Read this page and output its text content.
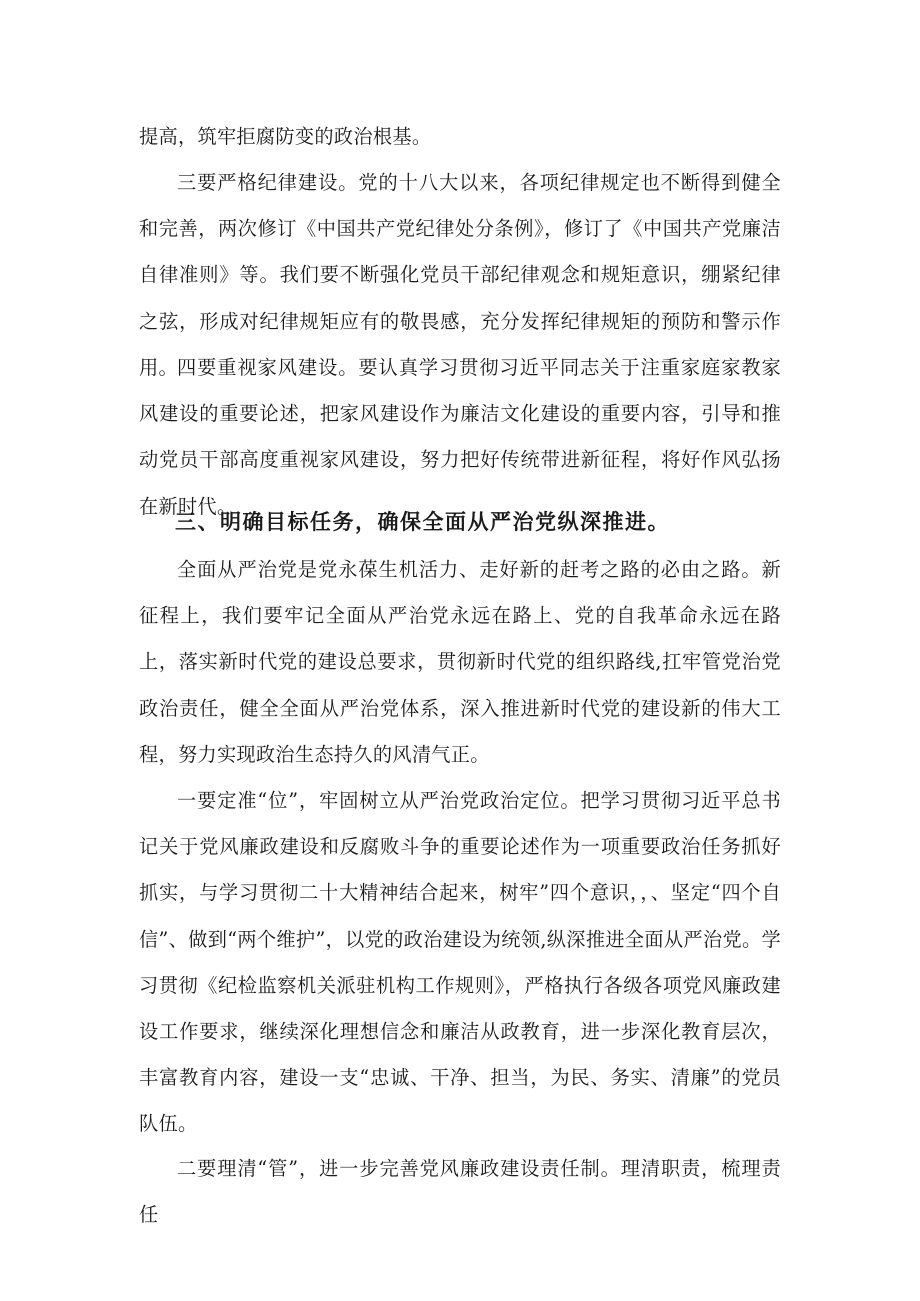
提高，筑牢拒腐防变的政治根基。

三要严格纪律建设。党的十八大以来，各项纪律规定也不断得到健全和完善，两次修订《中国共产党纪律处分条例》，修订了《中国共产党廉洁自律准则》等。我们要不断强化党员干部纪律观念和规矩意识，绷紧纪律之弦，形成对纪律规矩应有的敬畏感，充分发挥纪律规矩的预防和警示作用。 四要重视家风建设。要认真学习贯彻习近平同志关于注重家庭家教家风建设的重要论述，把家风建设作为廉洁文化建设的重要内容，引导和推动党员干部高度重视家风建设，努力把好传统带进新征程，将好作风弘扬在新时代。

三、明确目标任务，确保全面从严治党纵深推进。

全面从严治党是党永葆生机活力、走好新的赶考之路的必由之路。新征程上，我们要牢记全面从严治党永远在路上、党的自我革命永远在路上，落实新时代党的建设总要求，贯彻新时代党的组织路线,扛牢管党治党政治责任，健全全面从严治党体系，深入推进新时代党的建设新的伟大工程，努力实现政治生态持久的风清气正。

一要定准“位”，牢固树立从严治党政治定位。把学习贯彻习近平总书记关于党风廉政建设和反腐败斗争的重要论述作为一项重要政治任务抓好抓实，与学习贯彻二十大精神结合起来，树牢”四个意识，，、坚定“四个自信”、做到“两个维护”，以党的政治建设为统领,纵深推进全面从严治党。学习贯彻《纪检监察机关派驻机构工作规则》，严格执行各级各项党风廉政建设工作要求，继续深化理想信念和廉洁从政教育，进一步深化教育层次，丰富教育内容，建设一支“忠诚、干净、担当，为民、务实、清廉”的党员队伍。

二要理清“管”，进一步完善党风廉政建设责任制。理清职责，梳理责任
